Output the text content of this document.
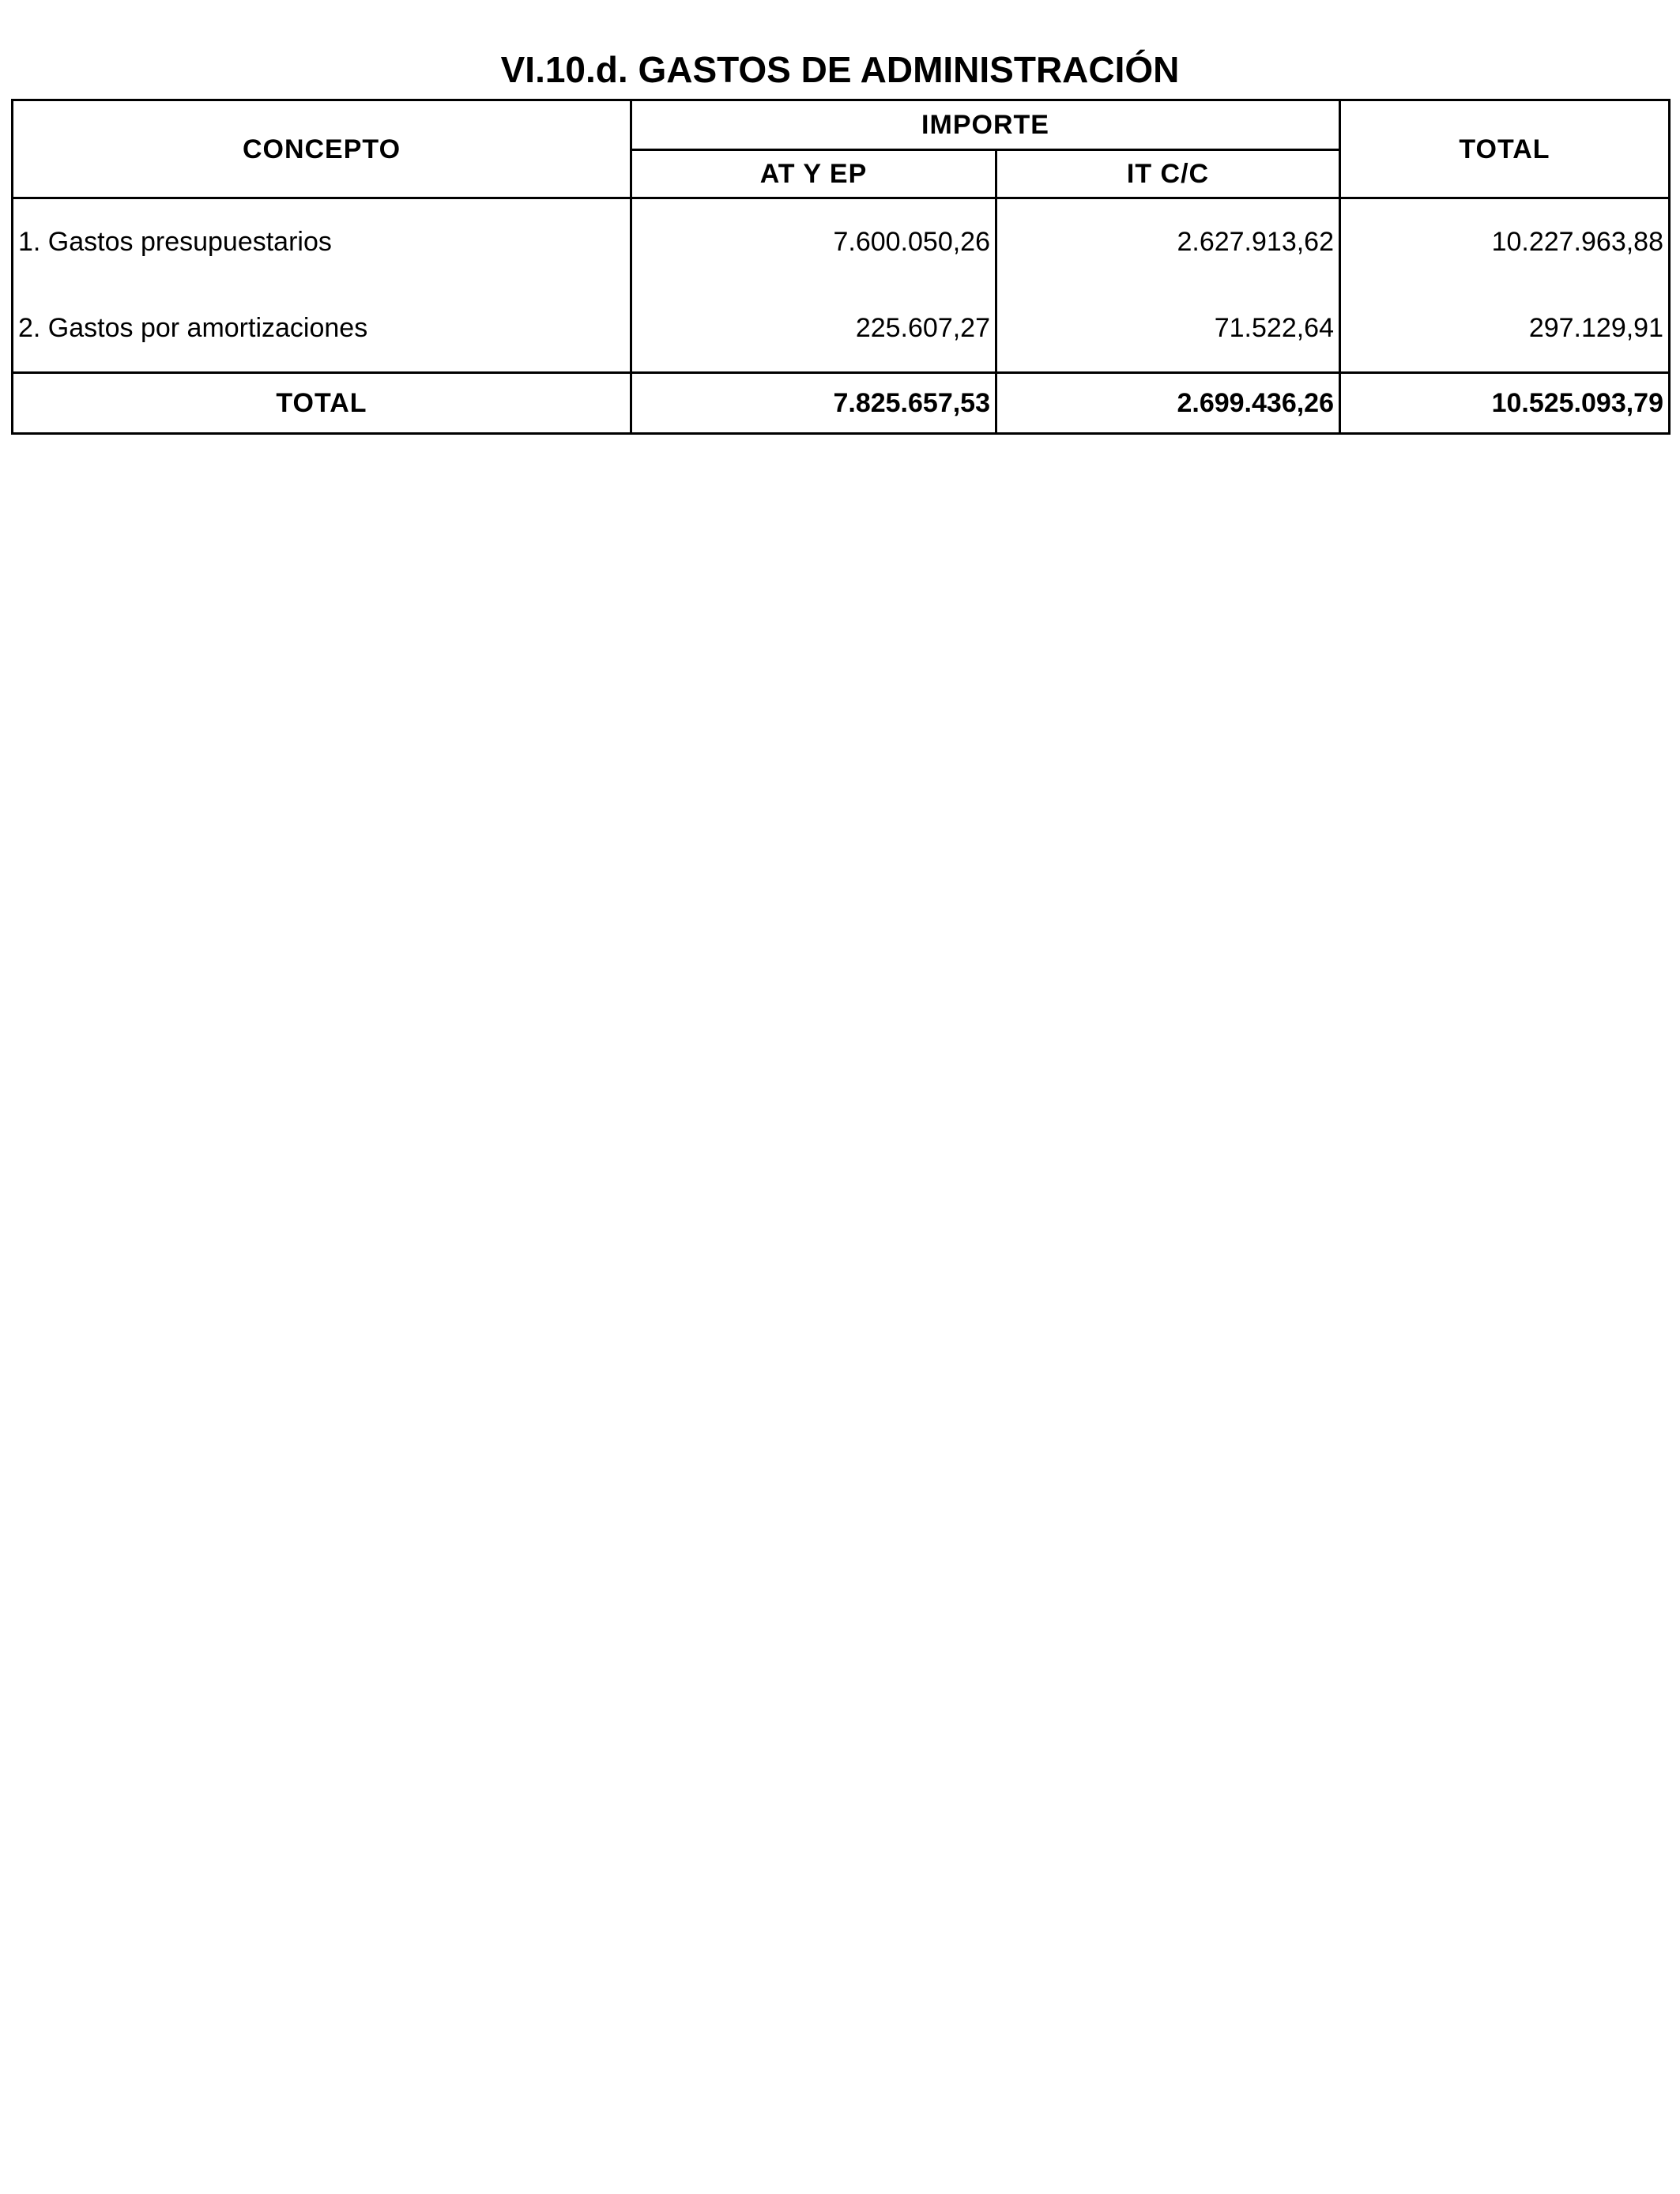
VI.10.d. GASTOS DE ADMINISTRACIÓN
CONCEPTO	IMPORTE		TOTAL
	AT Y EP	IT C/C	
1. Gastos presupuestarios	7.600.050,26	2.627.913,62	10.227.963,88
2. Gastos por amortizaciones	225.607,27	71.522,64	297.129,91
TOTAL	7.825.657,53	2.699.436,26	10.525.093,79
